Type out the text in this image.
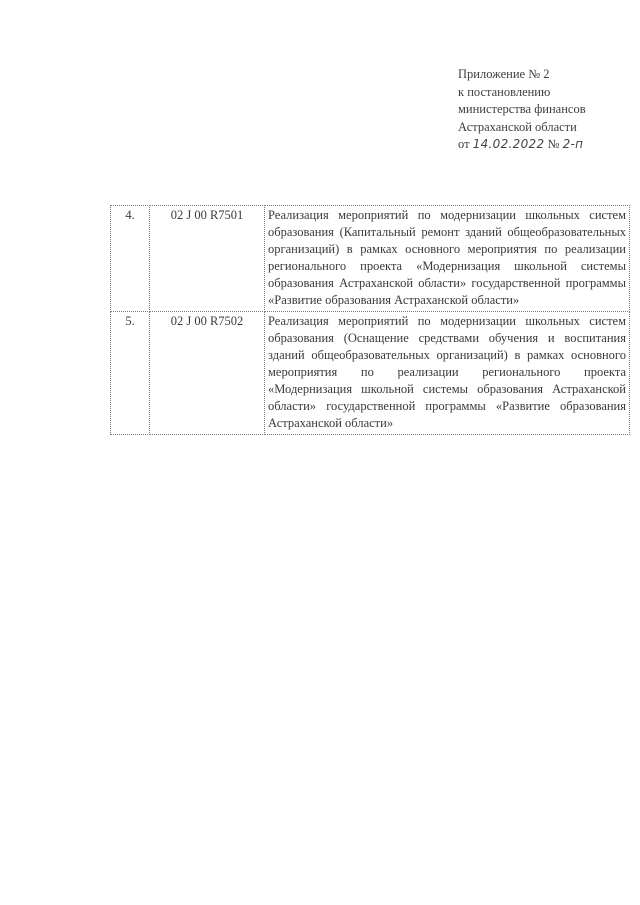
Приложение № 2
к постановлению
министерства финансов
Астраханской области
от 14.02.2022 № 2-п
4.	02 J 00 R7501	Реализация мероприятий по модернизации школьных систем образования (Капитальный ремонт зданий общеобразовательных организаций) в рамках основного мероприятия по реализации регионального проекта «Модернизация школьной системы образования Астраханской области» государственной программы «Развитие образования Астраханской области»
5.	02 J 00 R7502	Реализация мероприятий по модернизации школьных систем образования (Оснащение средствами обучения и воспитания зданий общеобразовательных организаций) в рамках основного мероприятия по реализации регионального проекта «Модернизация школьной системы образования Астраханской области» государственной программы «Развитие образования Астраханской области»
